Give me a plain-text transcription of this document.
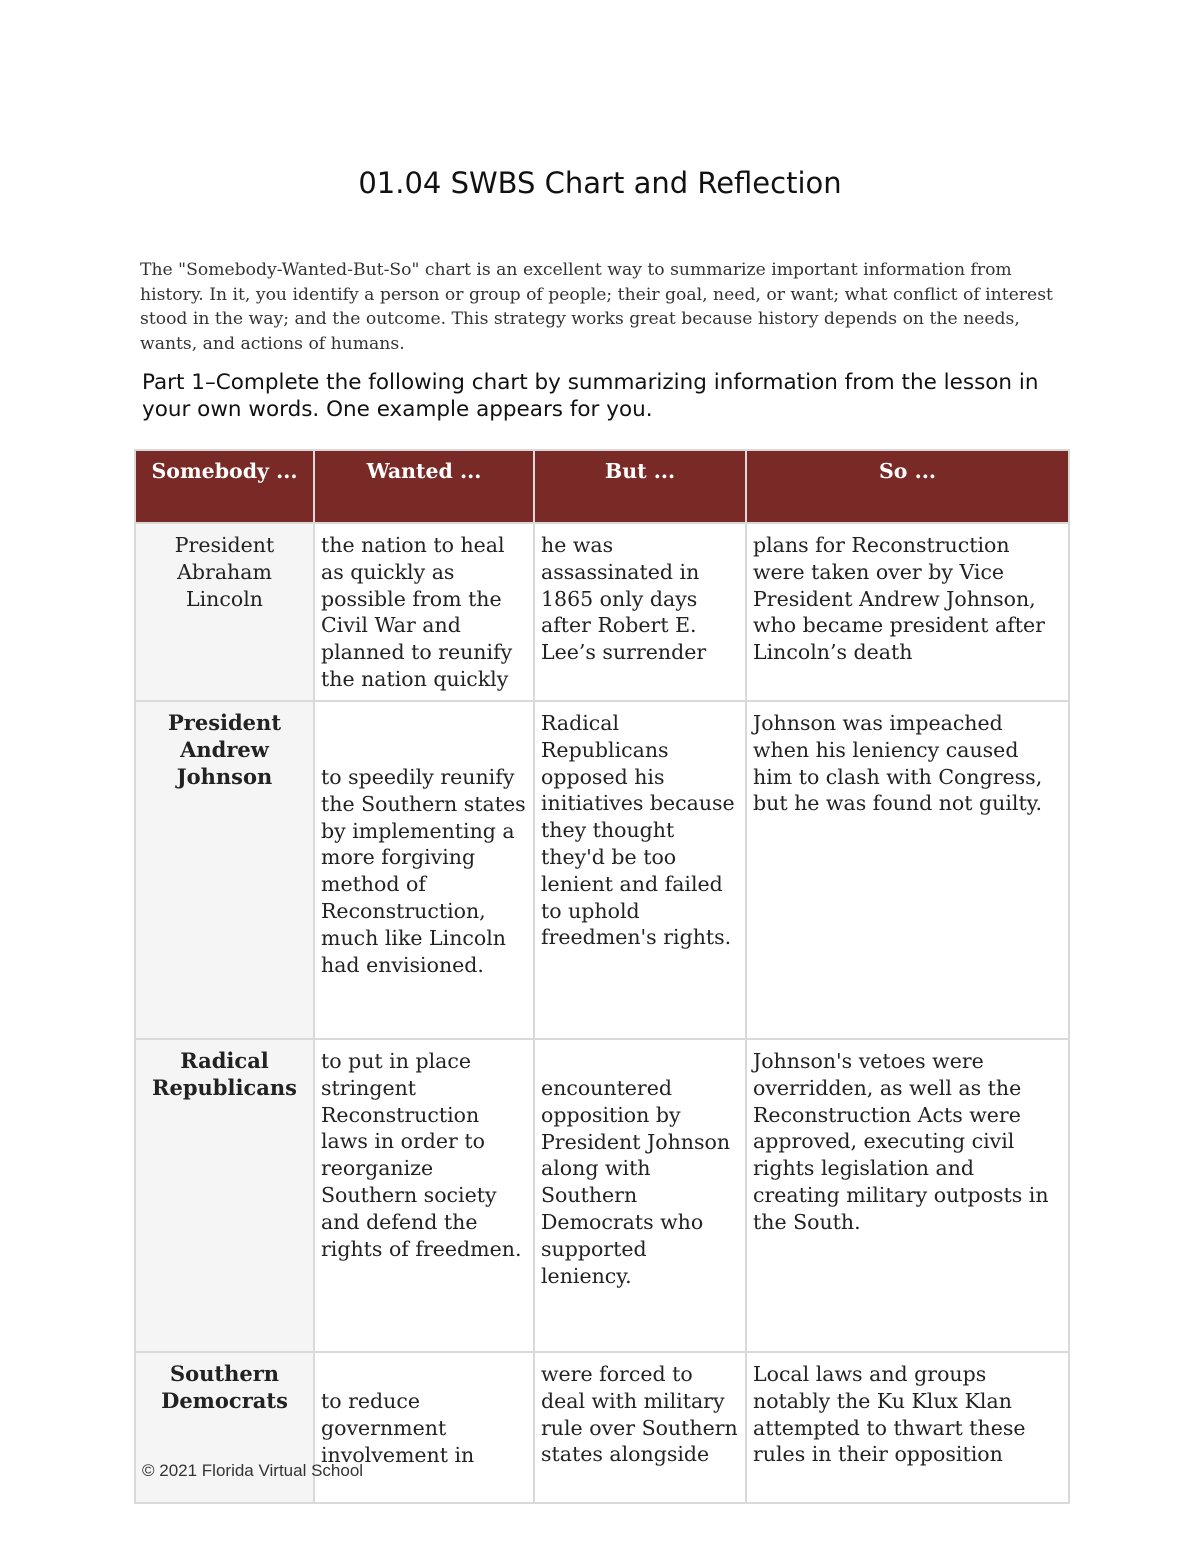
01.04 SWBS Chart and Reflection

The "Somebody-Wanted-But-So" chart is an excellent way to summarize important information from history. In it, you identify a person or group of people; their goal, need, or want; what conflict of interest stood in the way; and the outcome. This strategy works great because history depends on the needs, wants, and actions of humans.

Part 1–Complete the following chart by summarizing information from the lesson in your own words. One example appears for you.

Somebody ...	Wanted ...	But ...	So ...
President Abraham Lincoln	the nation to heal as quickly as possible from the Civil War and planned to reunify the nation quickly	he was assassinated in 1865 only days after Robert E. Lee’s surrender	plans for Reconstruction were taken over by Vice President Andrew Johnson, who became president after Lincoln’s death
President Andrew Johnson	to speedily reunify the Southern states by implementing a more forgiving method of Reconstruction, much like Lincoln had envisioned.	Radical Republicans opposed his initiatives because they thought they'd be too lenient and failed to uphold freedmen's rights.	Johnson was impeached when his leniency caused him to clash with Congress, but he was found not guilty.
Radical Republicans	to put in place stringent Reconstruction laws in order to reorganize Southern society and defend the rights of freedmen.	encountered opposition by President Johnson along with Southern Democrats who supported leniency.	Johnson's vetoes were overridden, as well as the Reconstruction Acts were approved, executing civil rights legislation and creating military outposts in the South.
Southern Democrats	to reduce government involvement in	were forced to deal with military rule over Southern states alongside	Local laws and groups notably the Ku Klux Klan attempted to thwart these rules in their opposition

© 2021 Florida Virtual School
